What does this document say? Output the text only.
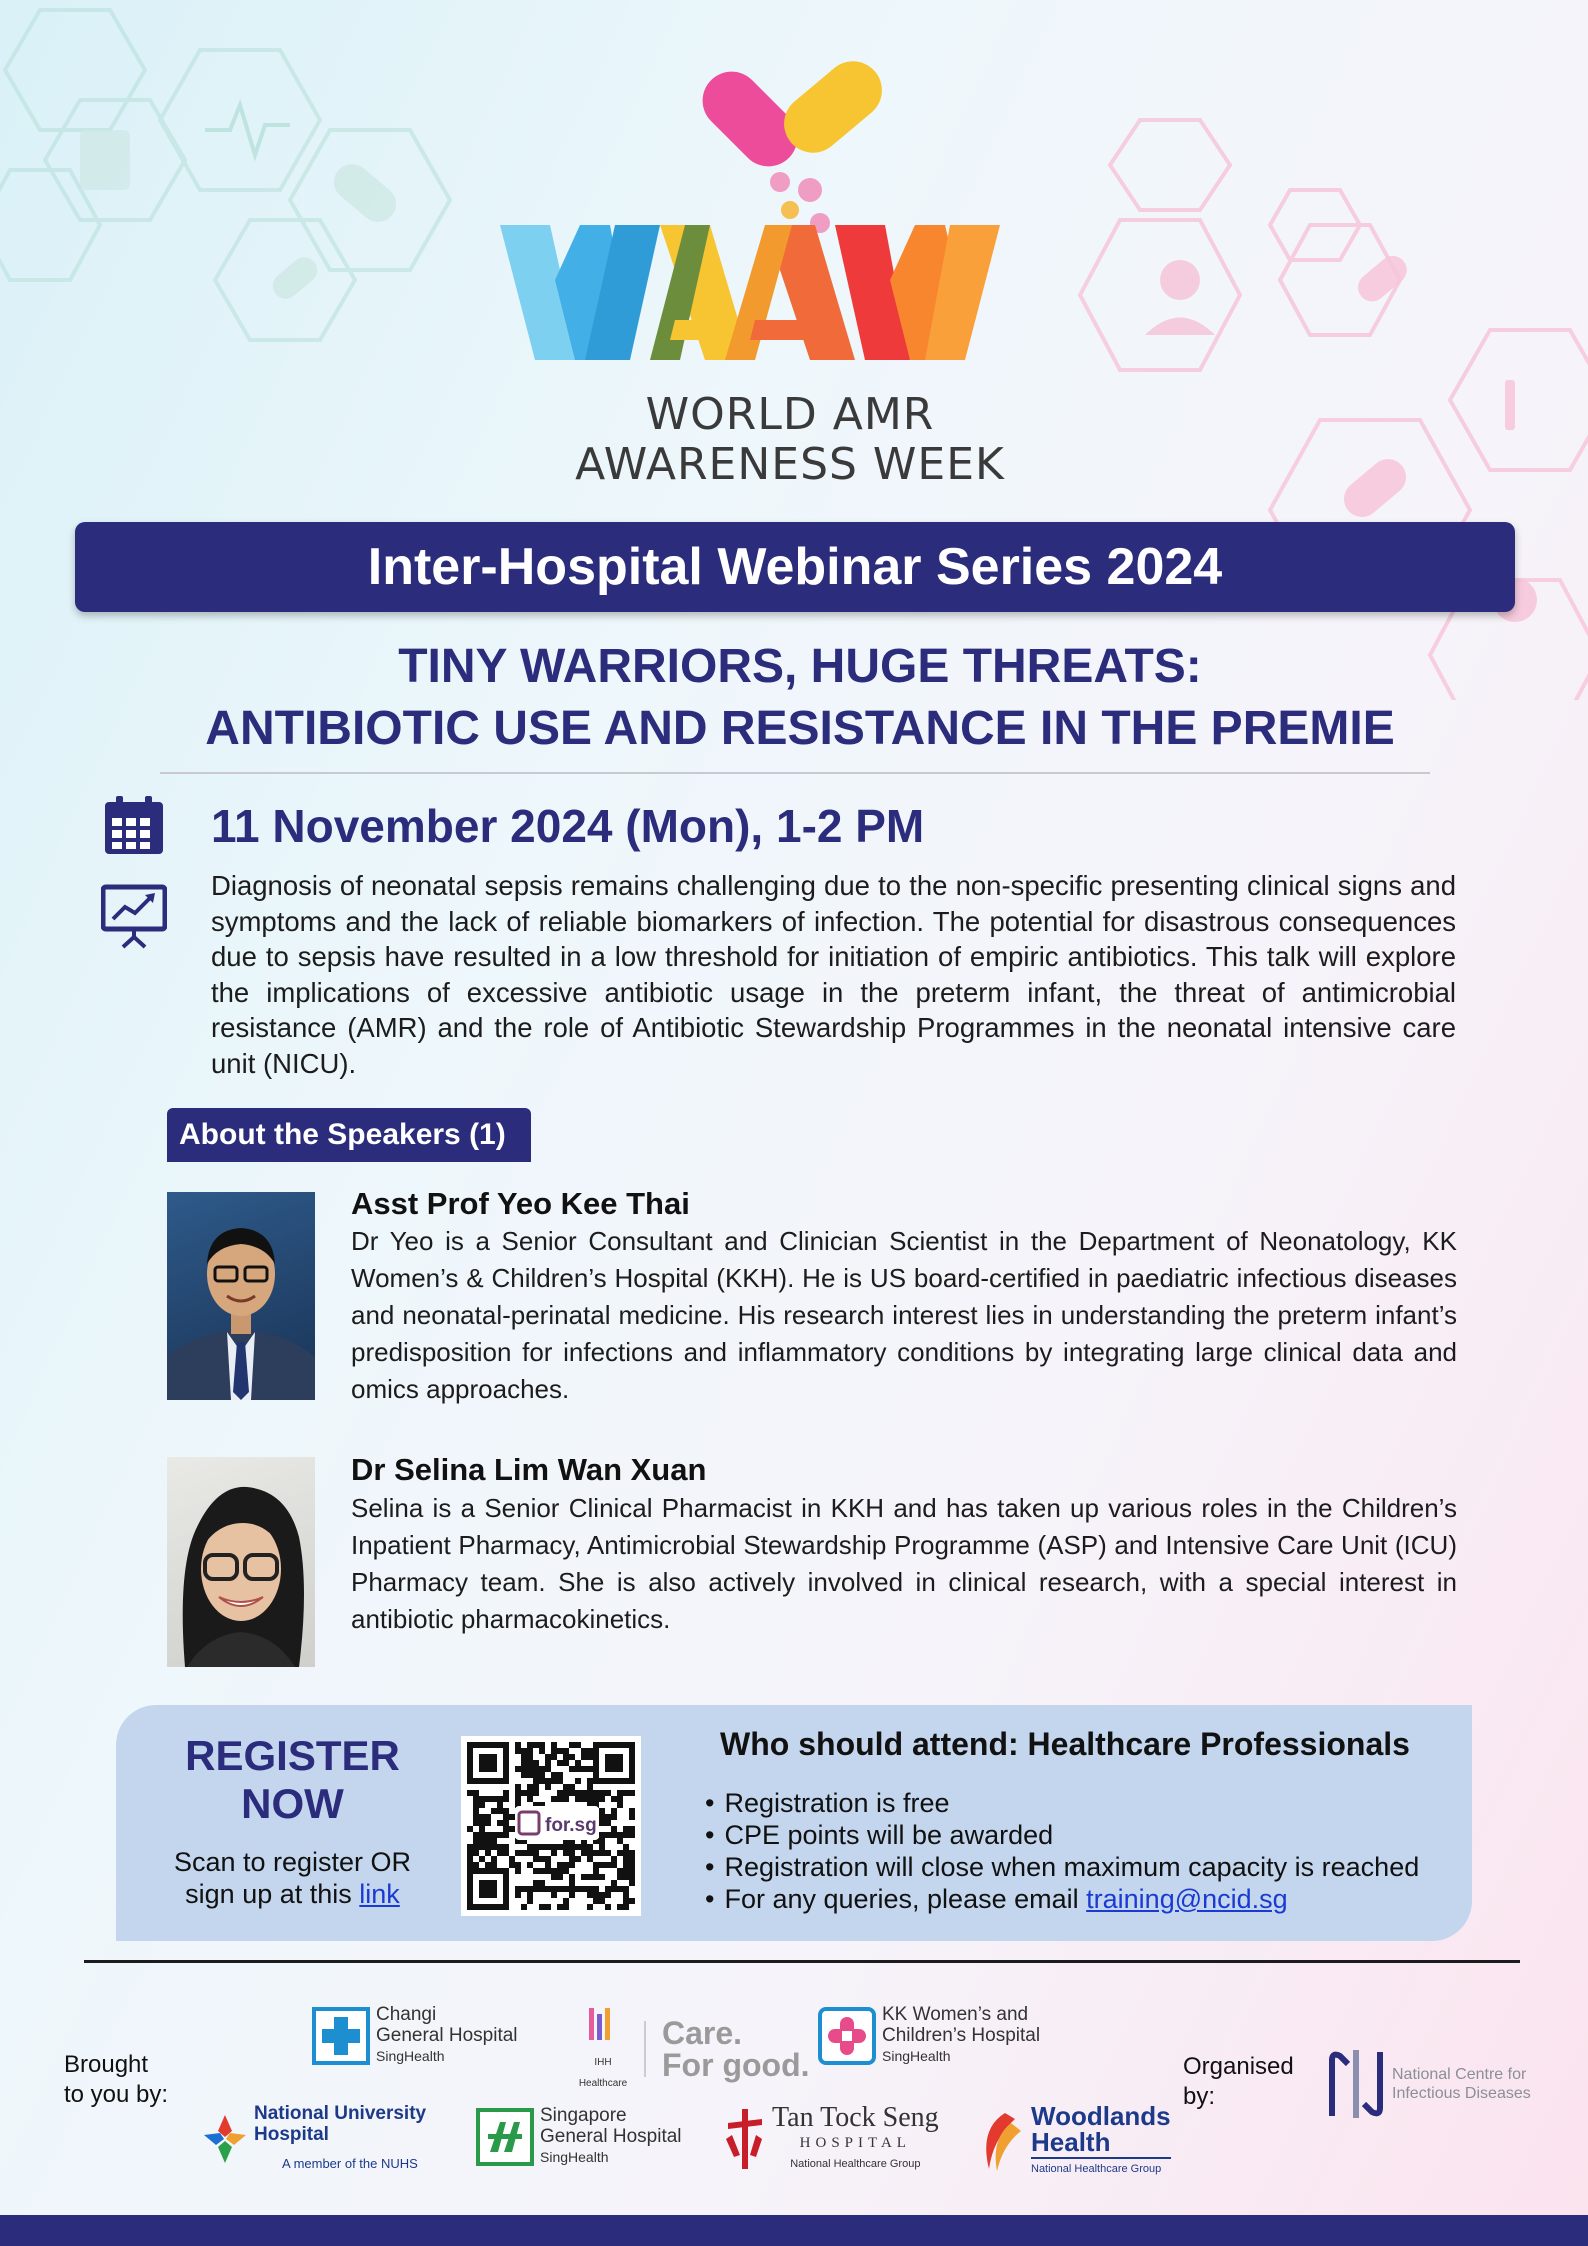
WORLD AMR
AWARENESS WEEK
Inter-Hospital Webinar Series 2024
TINY WARRIORS, HUGE THREATS:
ANTIBIOTIC USE AND RESISTANCE IN THE PREMIE
11 November 2024 (Mon), 1-2 PM
Diagnosis of neonatal sepsis remains challenging due to the non-specific presenting clinical signs and symptoms and the lack of reliable biomarkers of infection. The potential for disastrous consequences due to sepsis have resulted in a low threshold for initiation of empiric antibiotics. This talk will explore the implications of excessive antibiotic usage in the preterm infant, the threat of antimicrobial resistance (AMR) and the role of Antibiotic Stewardship Programmes in the neonatal intensive care unit (NICU).
About the Speakers (1)
Asst Prof Yeo Kee Thai
Dr Yeo is a Senior Consultant and Clinician Scientist in the Department of Neonatology, KK Women’s & Children’s Hospital (KKH). He is US board-certified in paediatric infectious diseases and neonatal-perinatal medicine. His research interest lies in understanding the preterm infant’s predisposition for infections and inflammatory conditions by integrating large clinical data and omics approaches.
Dr Selina Lim Wan Xuan
Selina is a Senior Clinical Pharmacist in KKH and has taken up various roles in the Children’s Inpatient Pharmacy, Antimicrobial Stewardship Programme (ASP) and Intensive Care Unit (ICU) Pharmacy team. She is also actively involved in clinical research, with a special interest in antibiotic pharmacokinetics.
REGISTER
NOW
Scan to register OR
sign up at this link
for.sg
Who should attend: Healthcare Professionals
• Registration is free
• CPE points will be awarded
• Registration will close when maximum capacity is reached
• For any queries, please email training@ncid.sg
Brought
to you by:
Organised
by:
Changi
General Hospital
SingHealth	IHH Healthcare
Care.
For good.
KK Women’s and
Children’s Hospital
SingHealth
National University
Hospital
A member of the NUHS
Singapore
General Hospital
SingHealth
Tan Tock Seng
HOSPITAL
National Healthcare Group
Woodlands
Health
National Healthcare Group
National Centre for
Infectious Diseases
